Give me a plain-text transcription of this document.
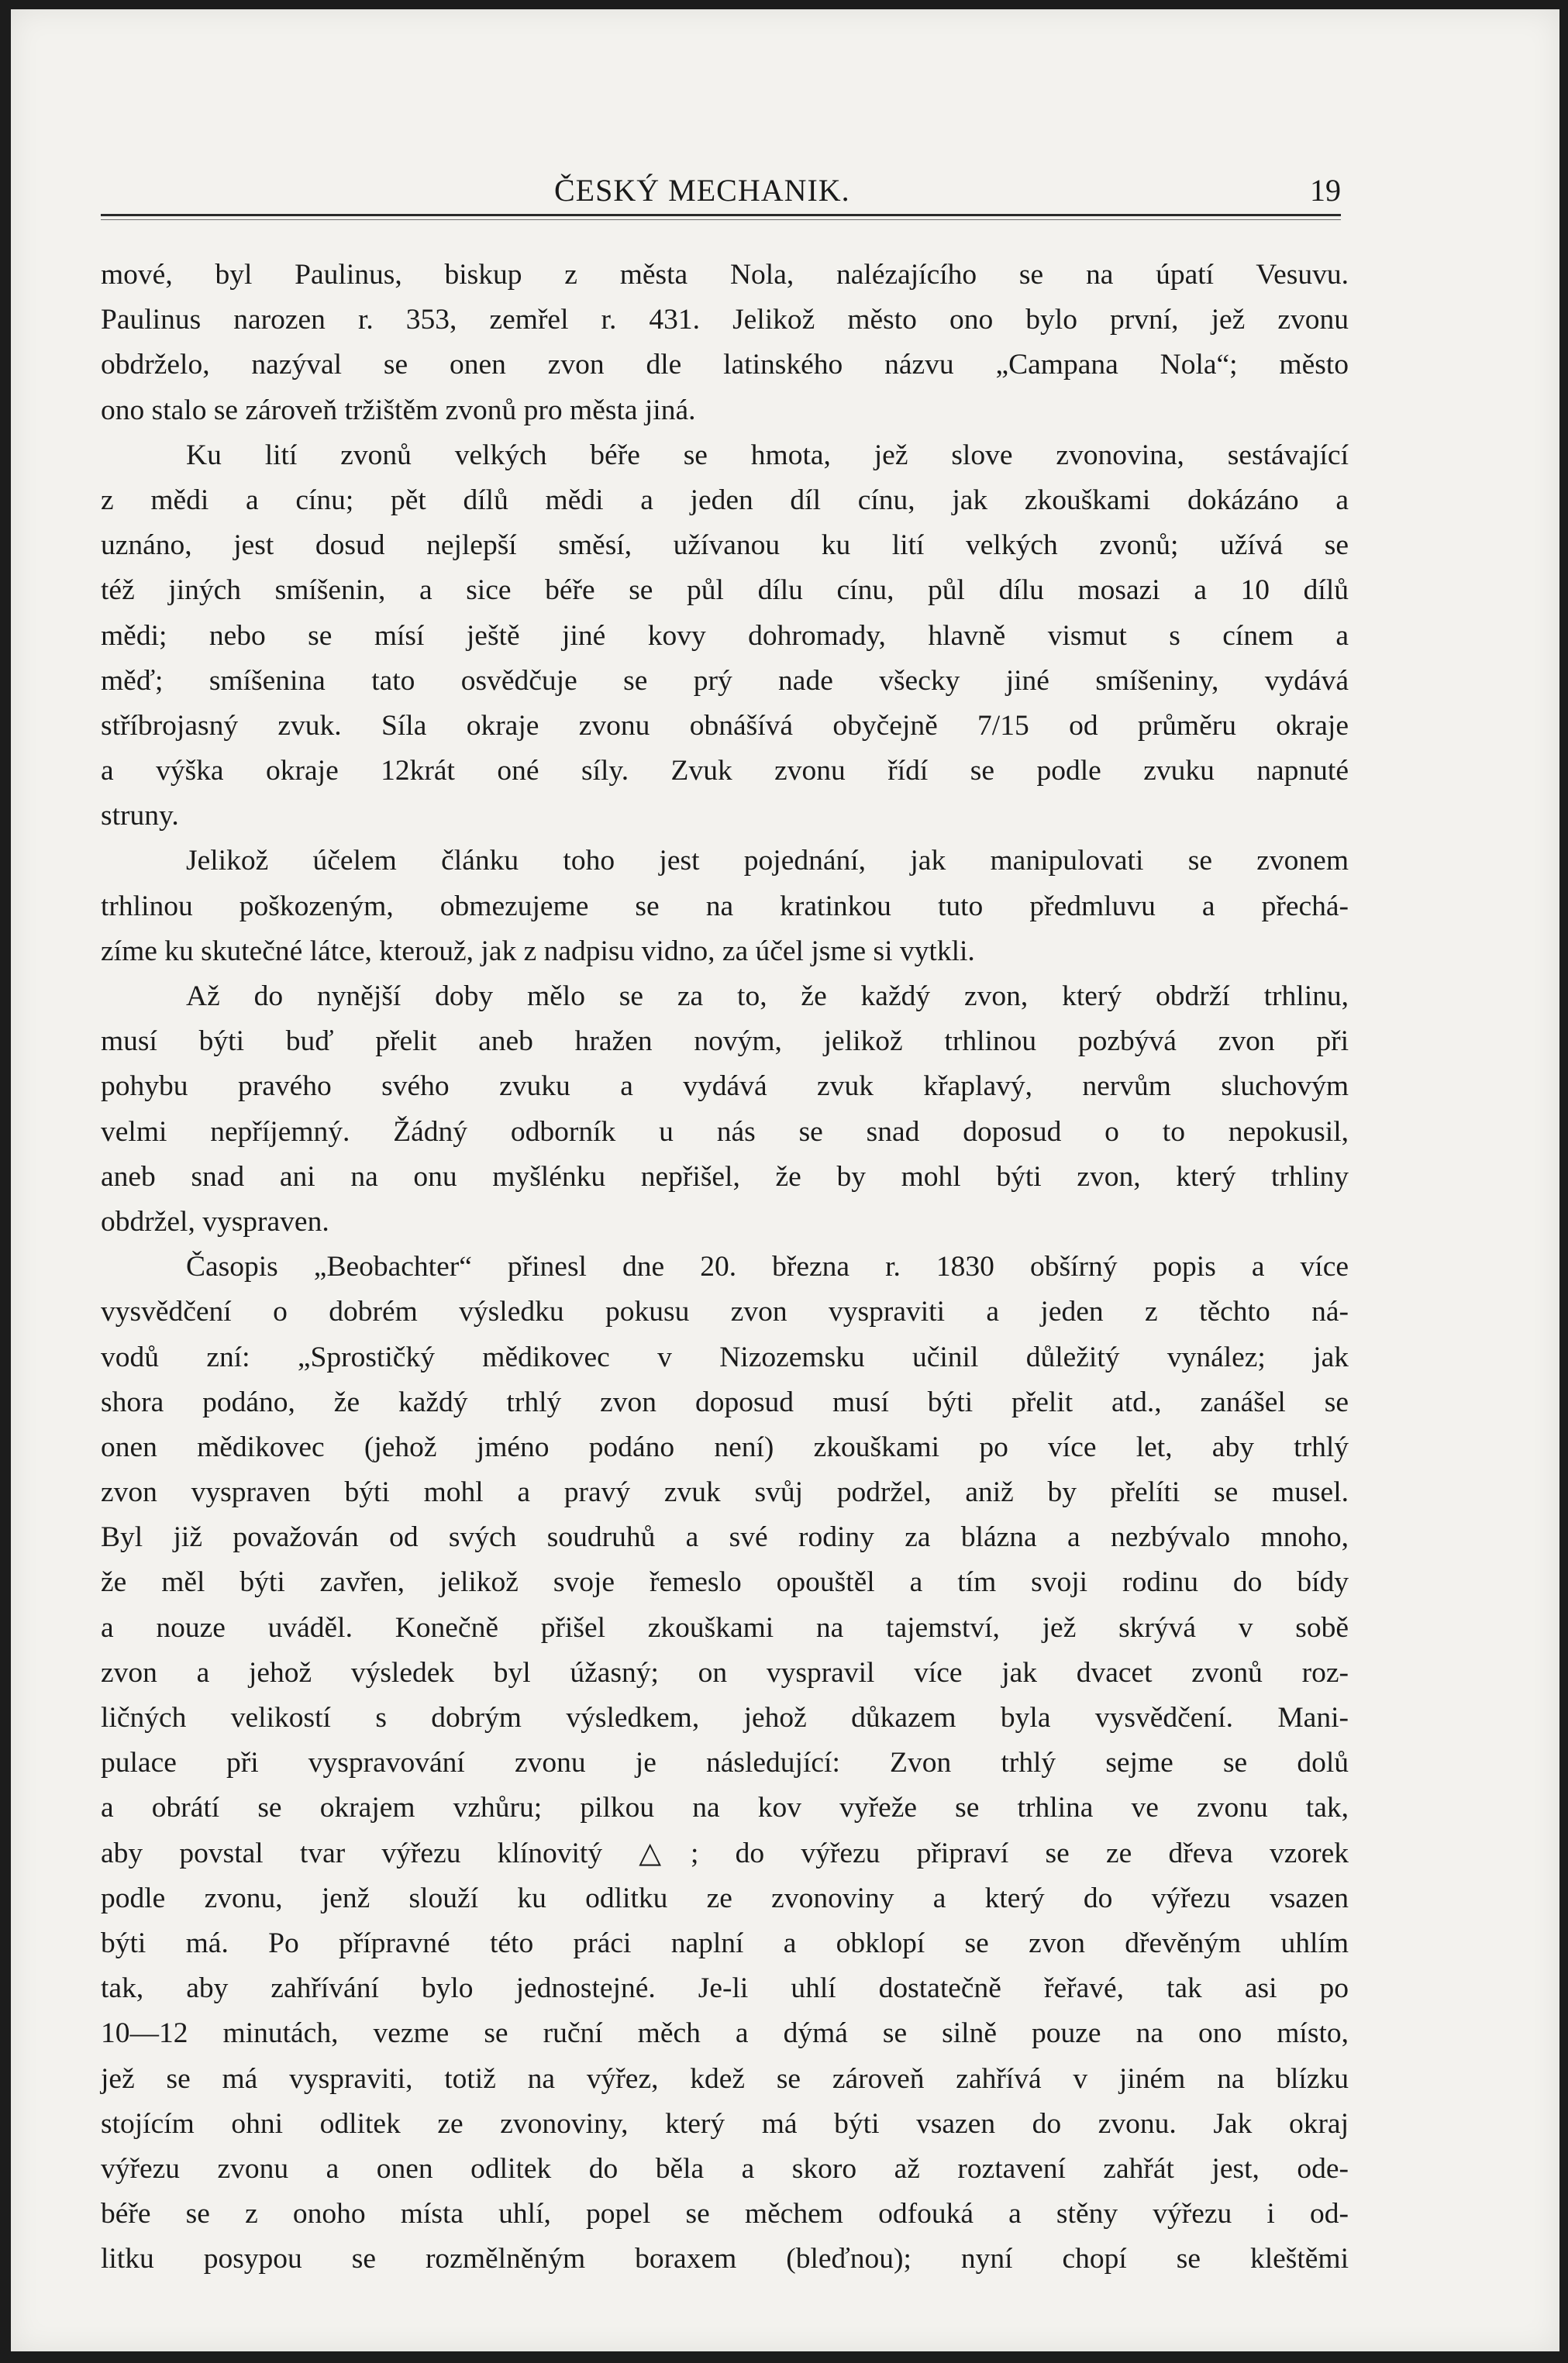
ČESKÝ MECHANIK.	19
mové, byl Paulinus, biskup z města Nola, nalézajícího se na úpatí Vesuvu.
Paulinus narozen r. 353, zemřel r. 431. Jelikož město ono bylo první, jež zvonu
obdrželo, nazýval se onen zvon dle latinského názvu „Campana Nola“; město
ono stalo se zároveň tržištěm zvonů pro města jiná.
Ku lití zvonů velkých béře se hmota, jež slove zvonovina, sestávající
z mědi a cínu; pět dílů mědi a jeden díl cínu, jak zkouškami dokázáno a
uznáno, jest dosud nejlepší směsí, užívanou ku lití velkých zvonů; užívá se
též jiných smíšenin, a sice béře se půl dílu cínu, půl dílu mosazi a 10 dílů
mědi; nebo se mísí ještě jiné kovy dohromady, hlavně vismut s cínem a
měď; smíšenina tato osvědčuje se prý nade všecky jiné smíšeniny, vydává
stříbrojasný zvuk. Síla okraje zvonu obnášívá obyčejně 7/15 od průměru okraje
a výška okraje 12krát oné síly. Zvuk zvonu řídí se podle zvuku napnuté
struny.
Jelikož účelem článku toho jest pojednání, jak manipulovati se zvonem
trhlinou poškozeným, obmezujeme se na kratinkou tuto předmluvu a přechá-
zíme ku skutečné látce, kterouž, jak z nadpisu vidno, za účel jsme si vytkli.
Až do nynější doby mělo se za to, že každý zvon, který obdrží trhlinu,
musí býti buď přelit aneb hražen novým, jelikož trhlinou pozbývá zvon při
pohybu pravého svého zvuku a vydává zvuk křaplavý, nervům sluchovým
velmi nepříjemný. Žádný odborník u nás se snad doposud o to nepokusil,
aneb snad ani na onu myšlénku nepřišel, že by mohl býti zvon, který trhliny
obdržel, vyspraven.
Časopis „Beobachter“ přinesl dne 20. března r. 1830 obšírný popis a více
vysvědčení o dobrém výsledku pokusu zvon vyspraviti a jeden z těchto ná-
vodů zní: „Sprostičký mědikovec v Nizozemsku učinil důležitý vynález; jak
shora podáno, že každý trhlý zvon doposud musí býti přelit atd., zanášel se
onen mědikovec (jehož jméno podáno není) zkouškami po více let, aby trhlý
zvon vyspraven býti mohl a pravý zvuk svůj podržel, aniž by přelíti se musel.
Byl již považován od svých soudruhů a své rodiny za blázna a nezbývalo mnoho,
že měl býti zavřen, jelikož svoje řemeslo opouštěl a tím svoji rodinu do bídy
a nouze uváděl. Konečně přišel zkouškami na tajemství, jež skrývá v sobě
zvon a jehož výsledek byl úžasný; on vyspravil více jak dvacet zvonů roz-
ličných velikostí s dobrým výsledkem, jehož důkazem byla vysvědčení. Mani-
pulace při vyspravování zvonu je následující: Zvon trhlý sejme se dolů
a obrátí se okrajem vzhůru; pilkou na kov vyřeže se trhlina ve zvonu tak,
aby povstal tvar výřezu klínovitý △; do výřezu připraví se ze dřeva vzorek
podle zvonu, jenž slouží ku odlitku ze zvonoviny a který do výřezu vsazen
býti má. Po přípravné této práci naplní a obklopí se zvon dřevěným uhlím
tak, aby zahřívání bylo jednostejné. Je-li uhlí dostatečně řeřavé, tak asi po
10—12 minutách, vezme se ruční měch a dýmá se silně pouze na ono místo,
jež se má vyspraviti, totiž na výřez, kdež se zároveň zahřívá v jiném na blízku
stojícím ohni odlitek ze zvonoviny, který má býti vsazen do zvonu. Jak okraj
výřezu zvonu a onen odlitek do běla a skoro až roztavení zahřát jest, ode-
béře se z onoho místa uhlí, popel se měchem odfouká a stěny výřezu i od-
litku posypou se rozmělněným boraxem (bleďnou); nyní chopí se kleštěmi
